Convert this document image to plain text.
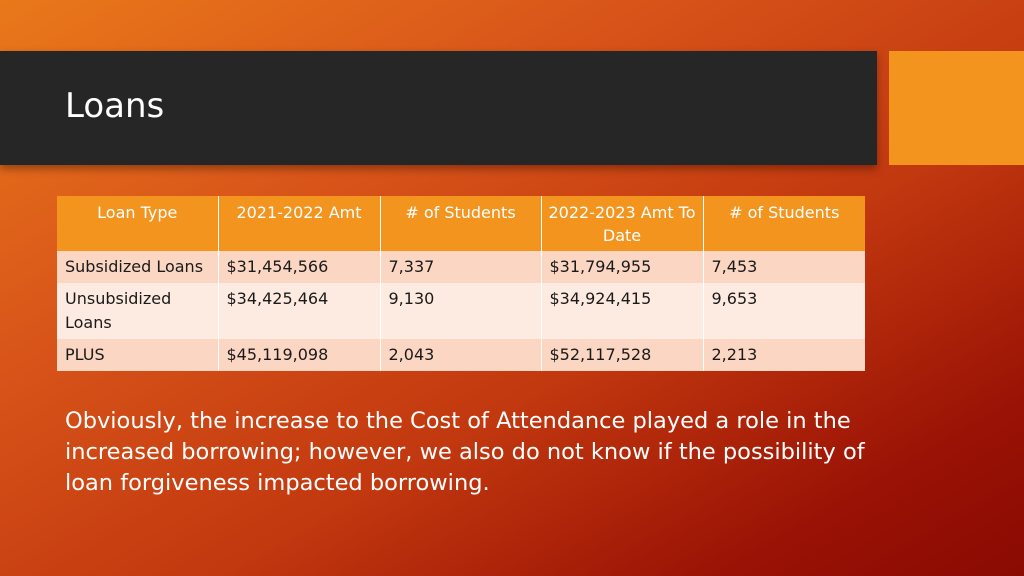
Loans
Loan Type	2021-2022 Amt	# of Students	2022-2023 Amt To Date	# of Students
Subsidized Loans	$31,454,566	7,337	$31,794,955	7,453
Unsubsidized Loans	$34,425,464	9,130	$34,924,415	9,653
PLUS	$45,119,098	2,043	$52,117,528	2,213
Obviously, the increase to the Cost of Attendance played a role in the increased borrowing; however, we also do not know if the possibility of loan forgiveness impacted borrowing.
